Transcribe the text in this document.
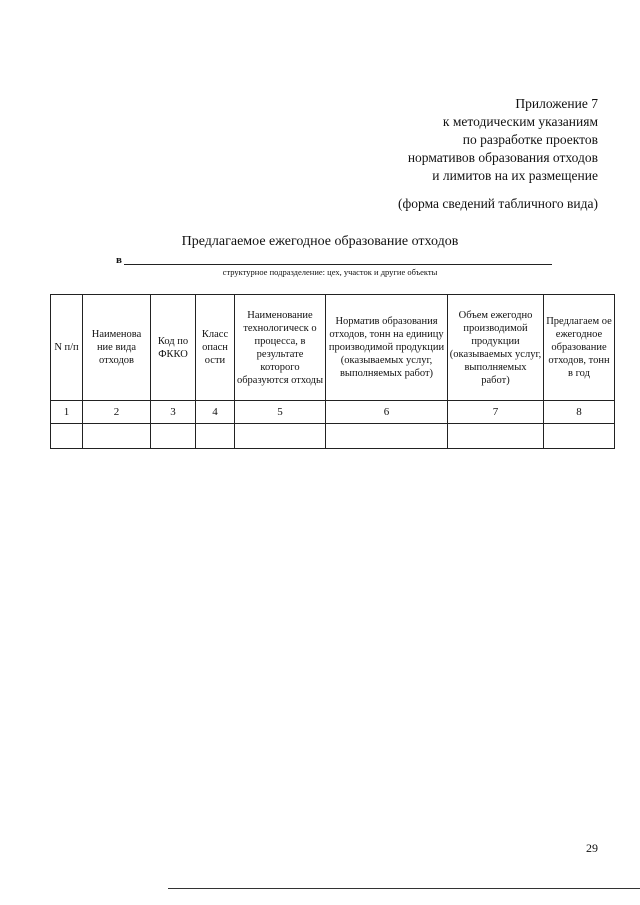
Приложение 7
к методическим указаниям
по разработке проектов
нормативов образования отходов
и лимитов на их размещение
(форма сведений табличного вида)
Предлагаемое ежегодное образование отходов
в
структурное подразделение: цех, участок и другие объекты
N п/п	Наименова ние вида отходов	Код по ФККО	Класс опасн ости	Наименование технологическ о процесса, в результате которого образуются отходы	Норматив образования отходов, тонн на единицу производимой продукции (оказываемых услуг, выполняемых работ)	Объем ежегодно производимой продукции (оказываемых услуг, выполняемых работ)	Предлагаем ое ежегодное образование отходов, тонн в год
1	2	3	4	5	6	7	8

29
